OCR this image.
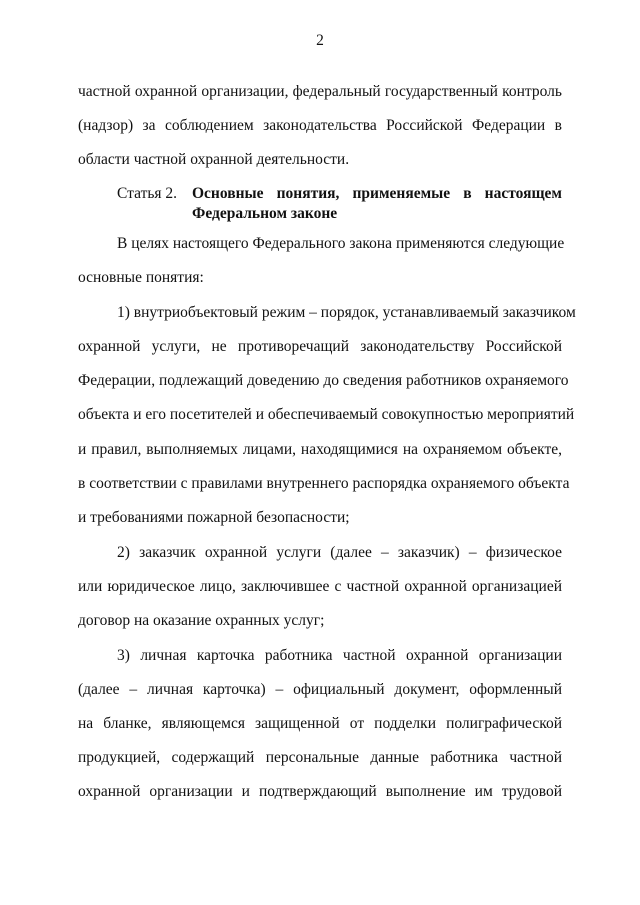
2
частной охранной организации, федеральный государственный контроль
(надзор) за соблюдением законодательства Российской Федерации в
области частной охранной деятельности.
Статья 2. Основные понятия, применяемые в настоящем
Федеральном законе
В целях настоящего Федерального закона применяются следующие
основные понятия:
1) внутриобъектовый режим – порядок, устанавливаемый заказчиком
охранной услуги, не противоречащий законодательству Российской
Федерации, подлежащий доведению до сведения работников охраняемого
объекта и его посетителей и обеспечиваемый совокупностью мероприятий
и правил, выполняемых лицами, находящимися на охраняемом объекте,
в соответствии с правилами внутреннего распорядка охраняемого объекта
и требованиями пожарной безопасности;
2) заказчик охранной услуги (далее – заказчик) – физическое
или юридическое лицо, заключившее с частной охранной организацией
договор на оказание охранных услуг;
3) личная карточка работника частной охранной организации
(далее – личная карточка) – официальный документ, оформленный
на бланке, являющемся защищенной от подделки полиграфической
продукцией, содержащий персональные данные работника частной
охранной организации и подтверждающий выполнение им трудовой
